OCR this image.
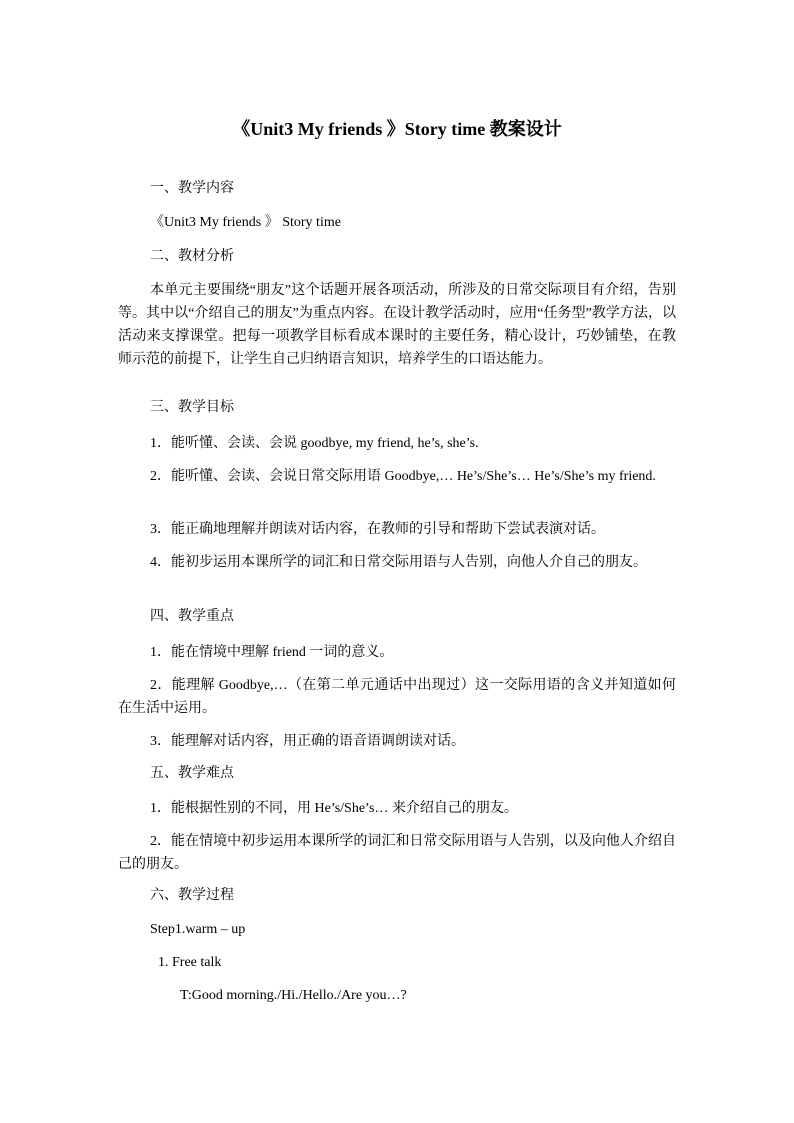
《Unit3 My friends 》Story time 教案设计
一、教学内容
《Unit3 My friends 》 Story time
二、教材分析
本单元主要围绕“朋友”这个话题开展各项活动，所涉及的日常交际项目有介绍，告别等。其中以“介绍自己的朋友”为重点内容。在设计教学活动时，应用“任务型”教学方法，以活动来支撑课堂。把每一项教学目标看成本课时的主要任务，精心设计，巧妙铺垫，在教师示范的前提下，让学生自己归纳语言知识，培养学生的口语达能力。
三、教学目标
1．能听懂、会读、会说 goodbye, my friend, he’s, she’s.
2．能听懂、会读、会说日常交际用语 Goodbye,… He’s/She’s… He’s/She’s my friend.
3．能正确地理解并朗读对话内容，在教师的引导和帮助下尝试表演对话。
4．能初步运用本课所学的词汇和日常交际用语与人告别，向他人介自己的朋友。
四、教学重点
1．能在情境中理解 friend 一词的意义。
2．能理解 Goodbye,…（在第二单元通话中出现过）这一交际用语的含义并知道如何在生活中运用。
3．能理解对话内容，用正确的语音语调朗读对话。
五、教学难点
1．能根据性别的不同，用 He’s/She’s… 来介绍自己的朋友。
2．能在情境中初步运用本课所学的词汇和日常交际用语与人告别，以及向他人介绍自己的朋友。
六、教学过程
Step1.warm – up
1. Free talk
T:Good morning./Hi./Hello./Are you…?
